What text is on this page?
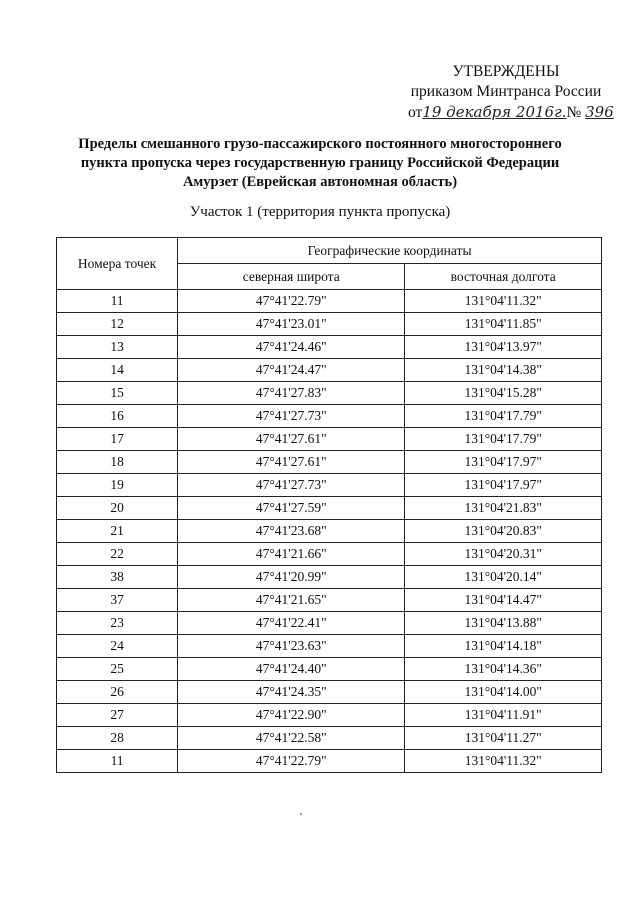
УТВЕРЖДЕНЫ
приказом Минтранса России
от19 декабря 2016г.№ 396
Пределы смешанного грузо-пассажирского постоянного многостороннего
пункта пропуска через государственную границу Российской Федерации
Амурзет (Еврейская автономная область)
Участок 1 (территория пункта пропуска)
Номера точек	Географические координаты	
	северная широта	восточная долгота
11	47°41'22.79"	131°04'11.32"
12	47°41'23.01"	131°04'11.85"
13	47°41'24.46"	131°04'13.97"
14	47°41'24.47"	131°04'14.38"
15	47°41'27.83"	131°04'15.28"
16	47°41'27.73"	131°04'17.79"
17	47°41'27.61"	131°04'17.79"
18	47°41'27.61"	131°04'17.97"
19	47°41'27.73"	131°04'17.97"
20	47°41'27.59"	131°04'21.83"
21	47°41'23.68"	131°04'20.83"
22	47°41'21.66"	131°04'20.31"
38	47°41'20.99"	131°04'20.14"
37	47°41'21.65"	131°04'14.47"
23	47°41'22.41"	131°04'13.88"
24	47°41'23.63"	131°04'14.18"
25	47°41'24.40"	131°04'14.36"
26	47°41'24.35"	131°04'14.00"
27	47°41'22.90"	131°04'11.91"
28	47°41'22.58"	131°04'11.27"
11	47°41'22.79"	131°04'11.32"
